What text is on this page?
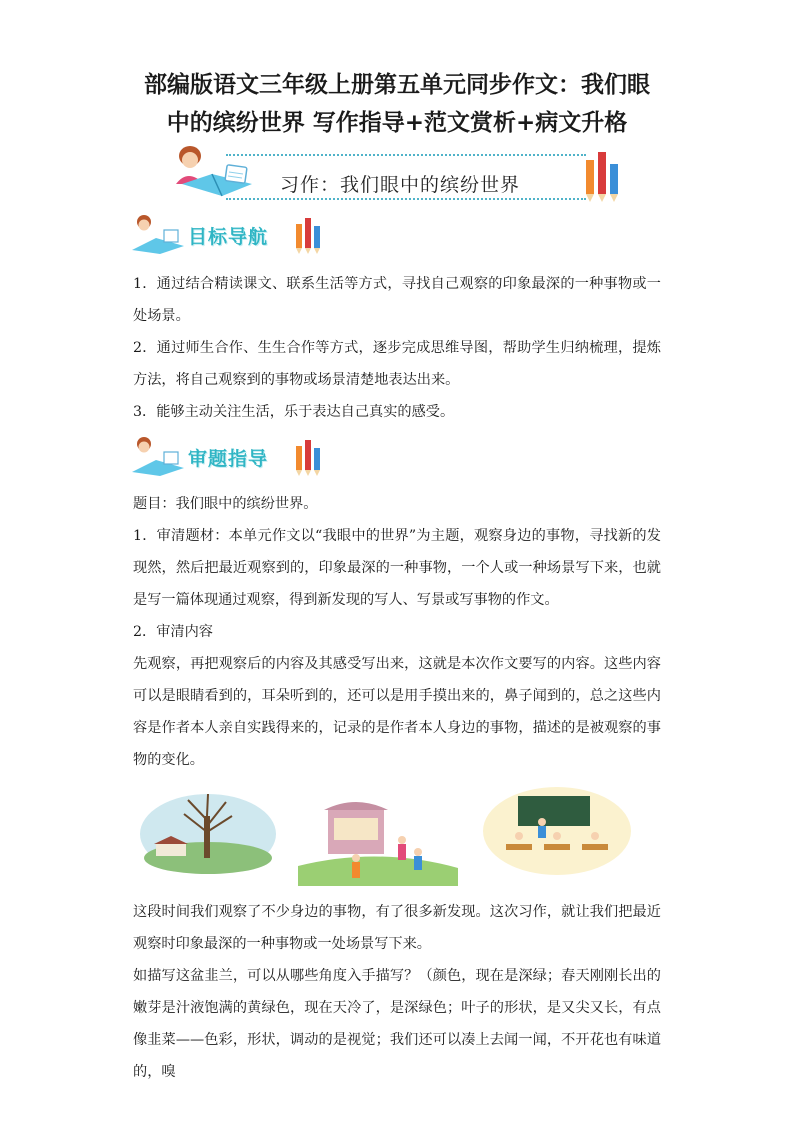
部编版语文三年级上册第五单元同步作文：我们眼
中的缤纷世界 写作指导+范文赏析+病文升格
习作：我们眼中的缤纷世界
目标导航

1．通过结合精读课文、联系生活等方式，寻找自己观察的印象最深的一种事物或一处场景。

2．通过师生合作、生生合作等方式，逐步完成思维导图，帮助学生归纳梳理，提炼方法，将自己观察到的事物或场景清楚地表达出来。

3．能够主动关注生活，乐于表达自己真实的感受。

审题指导

题目：我们眼中的缤纷世界。

1．审清题材：本单元作文以“我眼中的世界”为主题，观察身边的事物，寻找新的发现然，然后把最近观察到的，印象最深的一种事物，一个人或一种场景写下来，也就是写一篇体现通过观察，得到新发现的写人、写景或写事物的作文。

2．审清内容

先观察，再把观察后的内容及其感受写出来，这就是本次作文要写的内容。这些内容可以是眼睛看到的，耳朵听到的，还可以是用手摸出来的，鼻子闻到的，总之这些内容是作者本人亲自实践得来的，记录的是作者本人身边的事物，描述的是被观察的事物的变化。

这段时间我们观察了不少身边的事物，有了很多新发现。这次习作，就让我们把最近观察时印象最深的一种事物或一处场景写下来。

如描写这盆韭兰，可以从哪些角度入手描写？（颜色，现在是深绿；春天刚刚长出的嫩芽是汁液饱满的黄绿色，现在天冷了，是深绿色；叶子的形状，是又尖又长，有点像韭菜——色彩，形状，调动的是视觉；我们还可以凑上去闻一闻，不开花也有味道的，嗅
